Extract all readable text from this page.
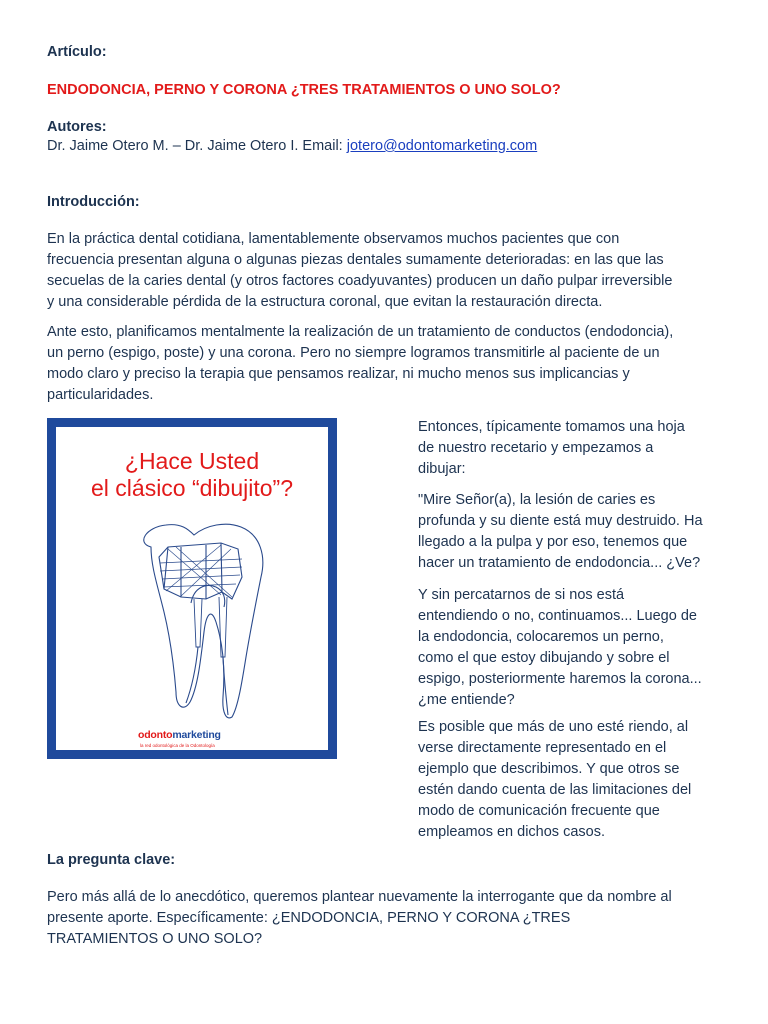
Artículo:
ENDODONCIA, PERNO Y CORONA ¿TRES TRATAMIENTOS O UNO SOLO?
Autores:
Dr. Jaime Otero M. – Dr. Jaime Otero I. Email: jotero@odontomarketing.com
Introducción:

En la práctica dental cotidiana, lamentablemente observamos muchos pacientes que con

frecuencia presentan alguna o algunas piezas dentales sumamente deterioradas: en las que las

secuelas de la caries dental (y otros factores coadyuvantes) producen un daño pulpar irreversible

y una considerable pérdida de la estructura coronal, que evitan la restauración directa.

Ante esto, planificamos mentalmente la realización de un tratamiento de conductos (endodoncia),

un perno (espigo, poste) y una corona. Pero no siempre logramos transmitirle al paciente de un

modo claro y preciso la terapia que pensamos realizar, ni mucho menos sus implicancias y

particularidades.

¿Hace Usted
el clásico “dibujito”?
odontomarketing
la red odontológica de la Odontología

Entonces, típicamente tomamos una hoja

de nuestro recetario y empezamos a

dibujar:

"Mire Señor(a), la lesión de caries es

profunda y su diente está muy destruido. Ha

llegado a la pulpa y por eso, tenemos que

hacer un tratamiento de endodoncia... ¿Ve?

Y sin percatarnos de si nos está

entendiendo o no, continuamos... Luego de

la endodoncia, colocaremos un perno,

como el que estoy dibujando y sobre el

espigo, posteriormente haremos la corona...

¿me entiende?

Es posible que más de uno esté riendo, al

verse directamente representado en el

ejemplo que describimos. Y que otros se

estén dando cuenta de las limitaciones del

modo de comunicación frecuente que

empleamos en dichos casos.

La pregunta clave:

Pero más allá de lo anecdótico, queremos plantear nuevamente la interrogante que da nombre al

presente aporte. Específicamente: ¿ENDODONCIA, PERNO Y CORONA ¿TRES

TRATAMIENTOS O UNO SOLO?
